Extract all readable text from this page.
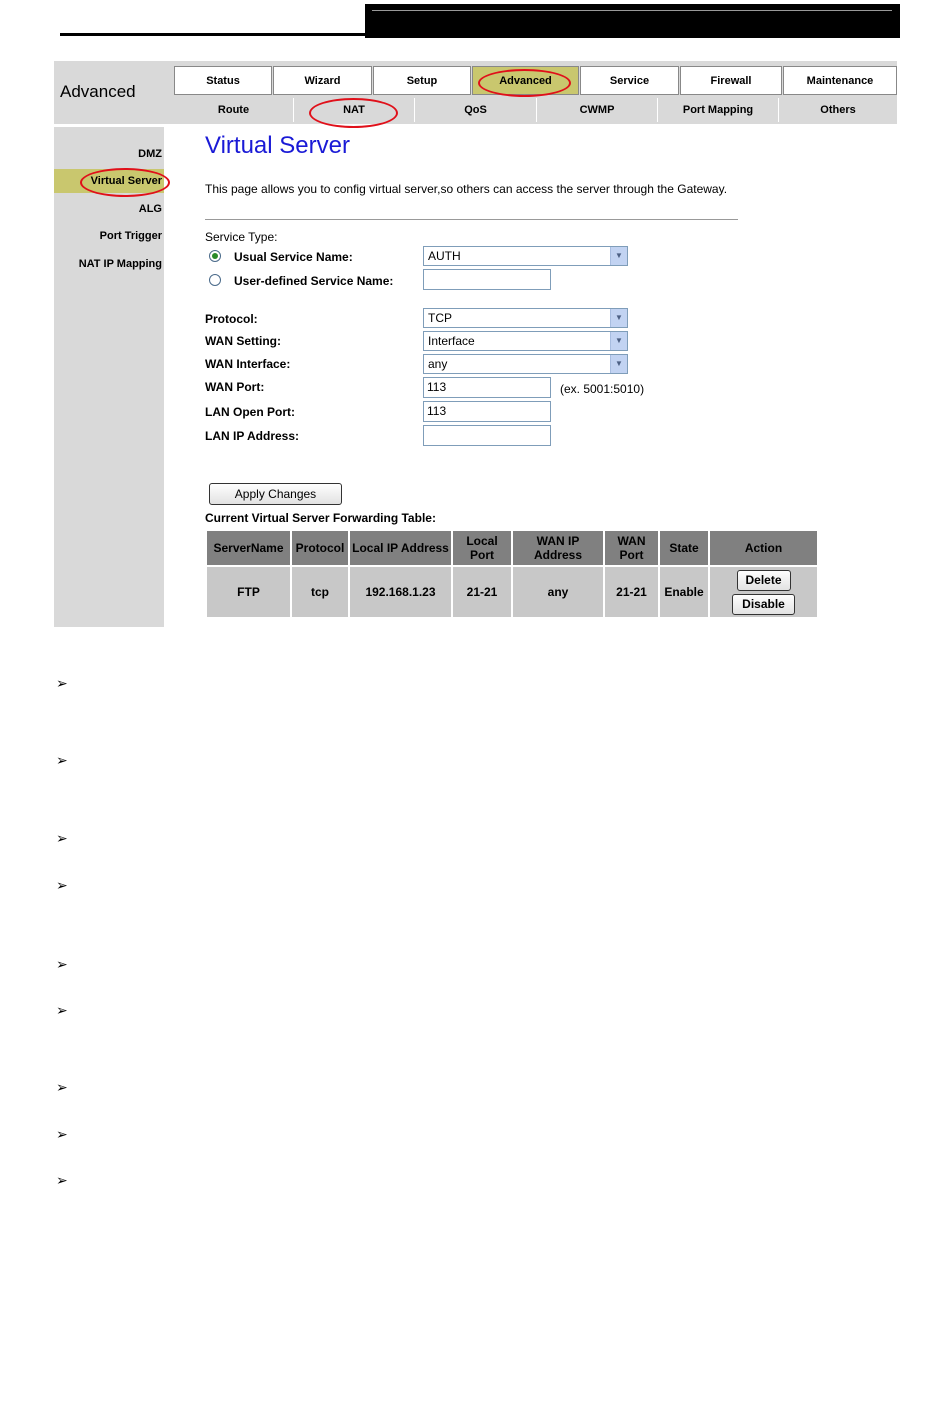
Advanced
Status	Wizard	Setup	Advanced	Service	Firewall	Maintenance
Route	NAT	QoS	CWMP	Port Mapping	Others
DMZ
Virtual Server
ALG
Port Trigger
NAT IP Mapping
Virtual Server
This page allows you to config virtual server,so others can access the server through the Gateway.
Service Type:
Usual Service Name:	AUTH	▼
User-defined Service Name:
Protocol:	TCP	▼
WAN Setting:	Interface	▼
WAN Interface:	any	▼
WAN Port:	113	(ex. 5001:5010)
LAN Open Port:	113
LAN IP Address:
Apply Changes
Current Virtual Server Forwarding Table:
ServerName	Protocol	Local IP Address	Local Port	WAN IP Address	WAN Port	State	Action
FTP	tcp	192.168.1.23	21-21	any	21-21	Enable	Delete
Disable
➢
➢
➢
➢
➢
➢
➢
➢
➢
